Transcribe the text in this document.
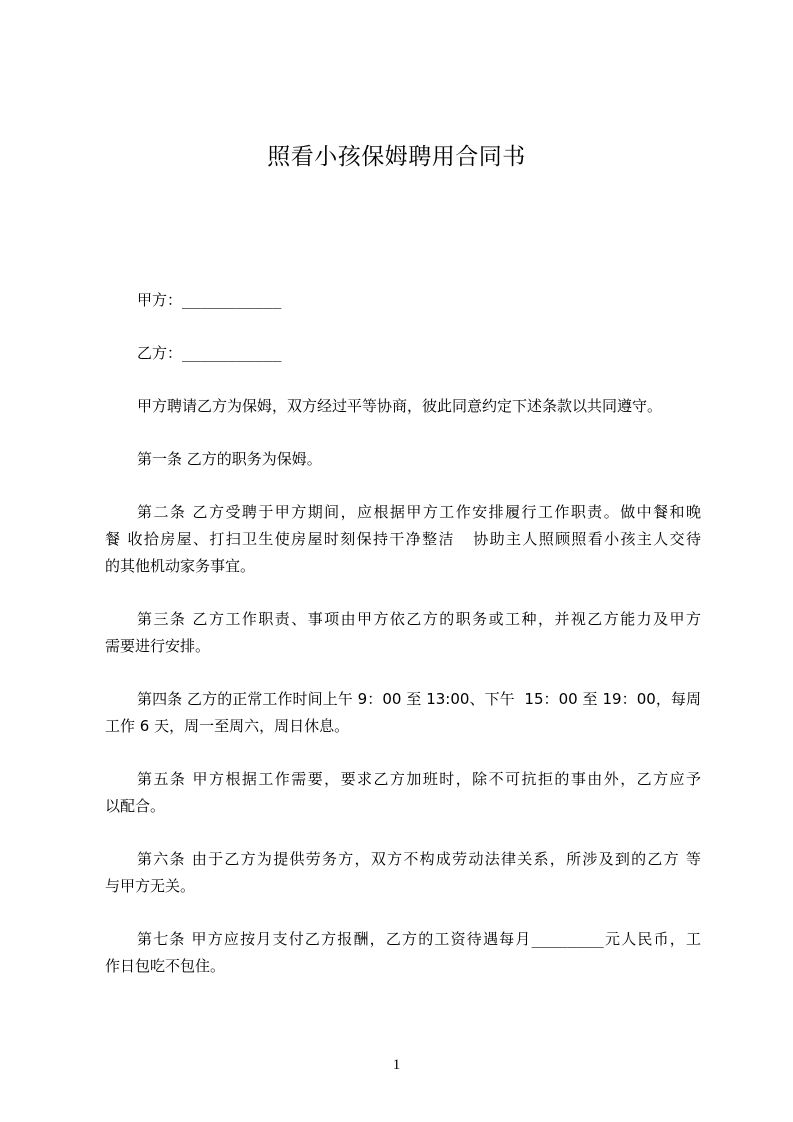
照看小孩保姆聘用合同书
甲方：___________
乙方：___________
甲方聘请乙方为保姆，双方经过平等协商，彼此同意约定下述条款以共同遵守。
第一条 乙方的职务为保姆。
第二条 乙方受聘于甲方期间，应根据甲方工作安排履行工作职责。做中餐和晚
餐 收拾房屋、打扫卫生使房屋时刻保持干净整洁   协助主人照顾照看小孩主人交待
的其他机动家务事宜。
第三条 乙方工作职责、事项由甲方依乙方的职务或工种，并视乙方能力及甲方
需要进行安排。
第四条 乙方的正常工作时间上午 9：00 至 13:00、下午  15：00 至 19：00，每周
工作 6 天，周一至周六，周日休息。
第五条 甲方根据工作需要，要求乙方加班时，除不可抗拒的事由外，乙方应予
以配合。
第六条 由于乙方为提供劳务方，双方不构成劳动法律关系，所涉及到的乙方 等
与甲方无关。
第七条 甲方应按月支付乙方报酬，乙方的工资待遇每月________元人民币，工
作日包吃不包住。
1
